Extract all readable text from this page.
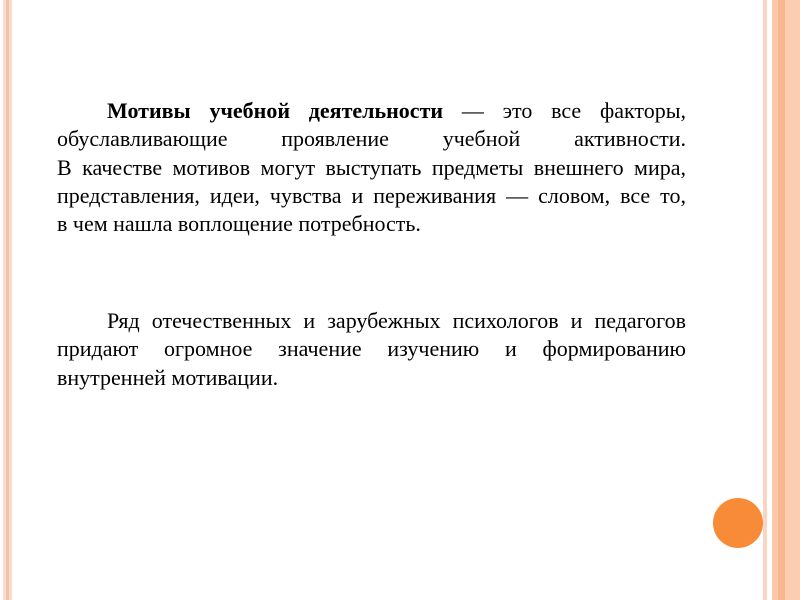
Мотивы учебной деятельности — это все факторы,
обуславливающие проявление учебной активности.
В качестве мотивов могут выступать предметы внешнего мира,
представления, идеи, чувства и переживания — словом, все то,
в чем нашла воплощение потребность.
Ряд отечественных и зарубежных психологов и педагогов
придают огромное значение изучению и формированию
внутренней мотивации.
